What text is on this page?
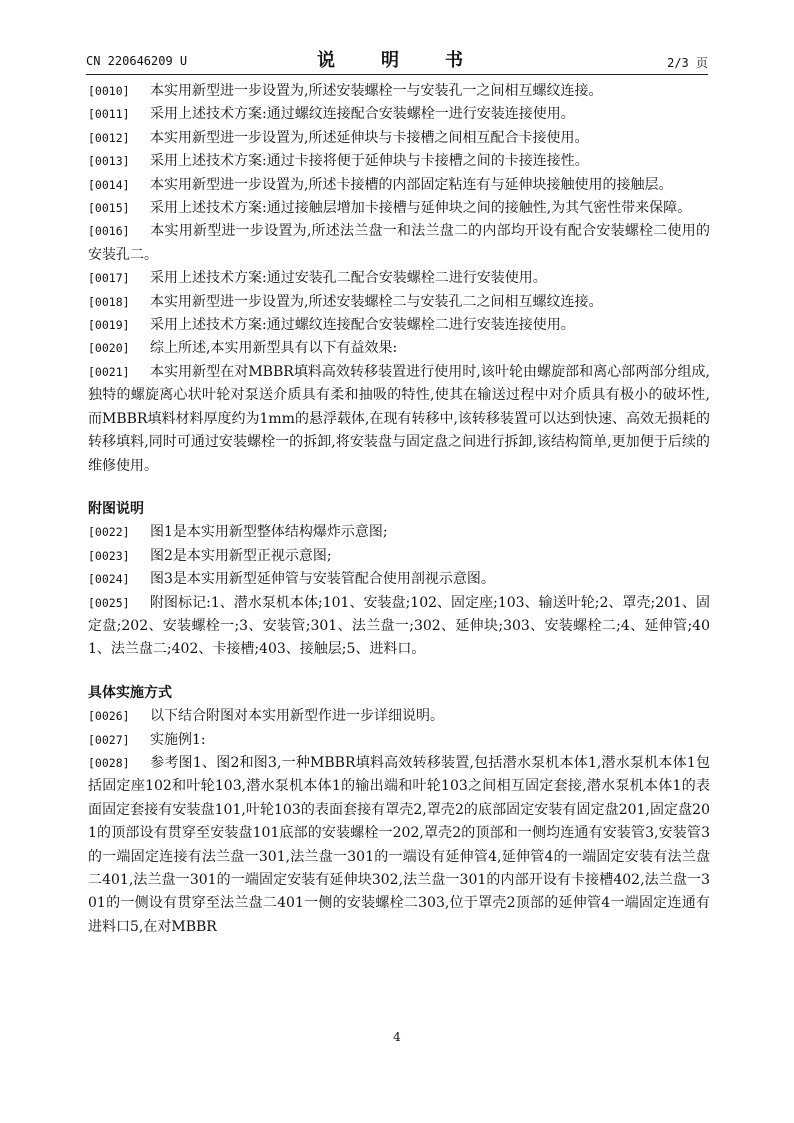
CN 220646209 U	说　明　书	2/3 页

[0010] 本实用新型进一步设置为,所述安装螺栓一与安装孔一之间相互螺纹连接。

[0011] 采用上述技术方案:通过螺纹连接配合安装螺栓一进行安装连接使用。

[0012] 本实用新型进一步设置为,所述延伸块与卡接槽之间相互配合卡接使用。

[0013] 采用上述技术方案:通过卡接将便于延伸块与卡接槽之间的卡接连接性。

[0014] 本实用新型进一步设置为,所述卡接槽的内部固定粘连有与延伸块接触使用的接触层。

[0015] 采用上述技术方案:通过接触层增加卡接槽与延伸块之间的接触性,为其气密性带来保障。

[0016] 本实用新型进一步设置为,所述法兰盘一和法兰盘二的内部均开设有配合安装螺栓二使用的安装孔二。

[0017] 采用上述技术方案:通过安装孔二配合安装螺栓二进行安装使用。

[0018] 本实用新型进一步设置为,所述安装螺栓二与安装孔二之间相互螺纹连接。

[0019] 采用上述技术方案:通过螺纹连接配合安装螺栓二进行安装连接使用。

[0020] 综上所述,本实用新型具有以下有益效果:

[0021] 本实用新型在对MBBR填料高效转移装置进行使用时,该叶轮由螺旋部和离心部两部分组成,独特的螺旋离心状叶轮对泵送介质具有柔和抽吸的特性,使其在输送过程中对介质具有极小的破坏性,而MBBR填料材料厚度约为1mm的悬浮载体,在现有转移中,该转移装置可以达到快速、高效无损耗的转移填料,同时可通过安装螺栓一的拆卸,将安装盘与固定盘之间进行拆卸,该结构简单,更加便于后续的维修使用。

附图说明

[0022] 图1是本实用新型整体结构爆炸示意图;

[0023] 图2是本实用新型正视示意图;

[0024] 图3是本实用新型延伸管与安装管配合使用剖视示意图。

[0025] 附图标记:1、潜水泵机本体;101、安装盘;102、固定座;103、输送叶轮;2、罩壳;201、固定盘;202、安装螺栓一;3、安装管;301、法兰盘一;302、延伸块;303、安装螺栓二;4、延伸管;401、法兰盘二;402、卡接槽;403、接触层;5、进料口。

具体实施方式

[0026] 以下结合附图对本实用新型作进一步详细说明。

[0027] 实施例1:

[0028] 参考图1、图2和图3,一种MBBR填料高效转移装置,包括潜水泵机本体1,潜水泵机本体1包括固定座102和叶轮103,潜水泵机本体1的输出端和叶轮103之间相互固定套接,潜水泵机本体1的表面固定套接有安装盘101,叶轮103的表面套接有罩壳2,罩壳2的底部固定安装有固定盘201,固定盘201的顶部设有贯穿至安装盘101底部的安装螺栓一202,罩壳2的顶部和一侧均连通有安装管3,安装管3的一端固定连接有法兰盘一301,法兰盘一301的一端设有延伸管4,延伸管4的一端固定安装有法兰盘二401,法兰盘一301的一端固定安装有延伸块302,法兰盘一301的内部开设有卡接槽402,法兰盘一301的一侧设有贯穿至法兰盘二401一侧的安装螺栓二303,位于罩壳2顶部的延伸管4一端固定连通有进料口5,在对MBBR

4
